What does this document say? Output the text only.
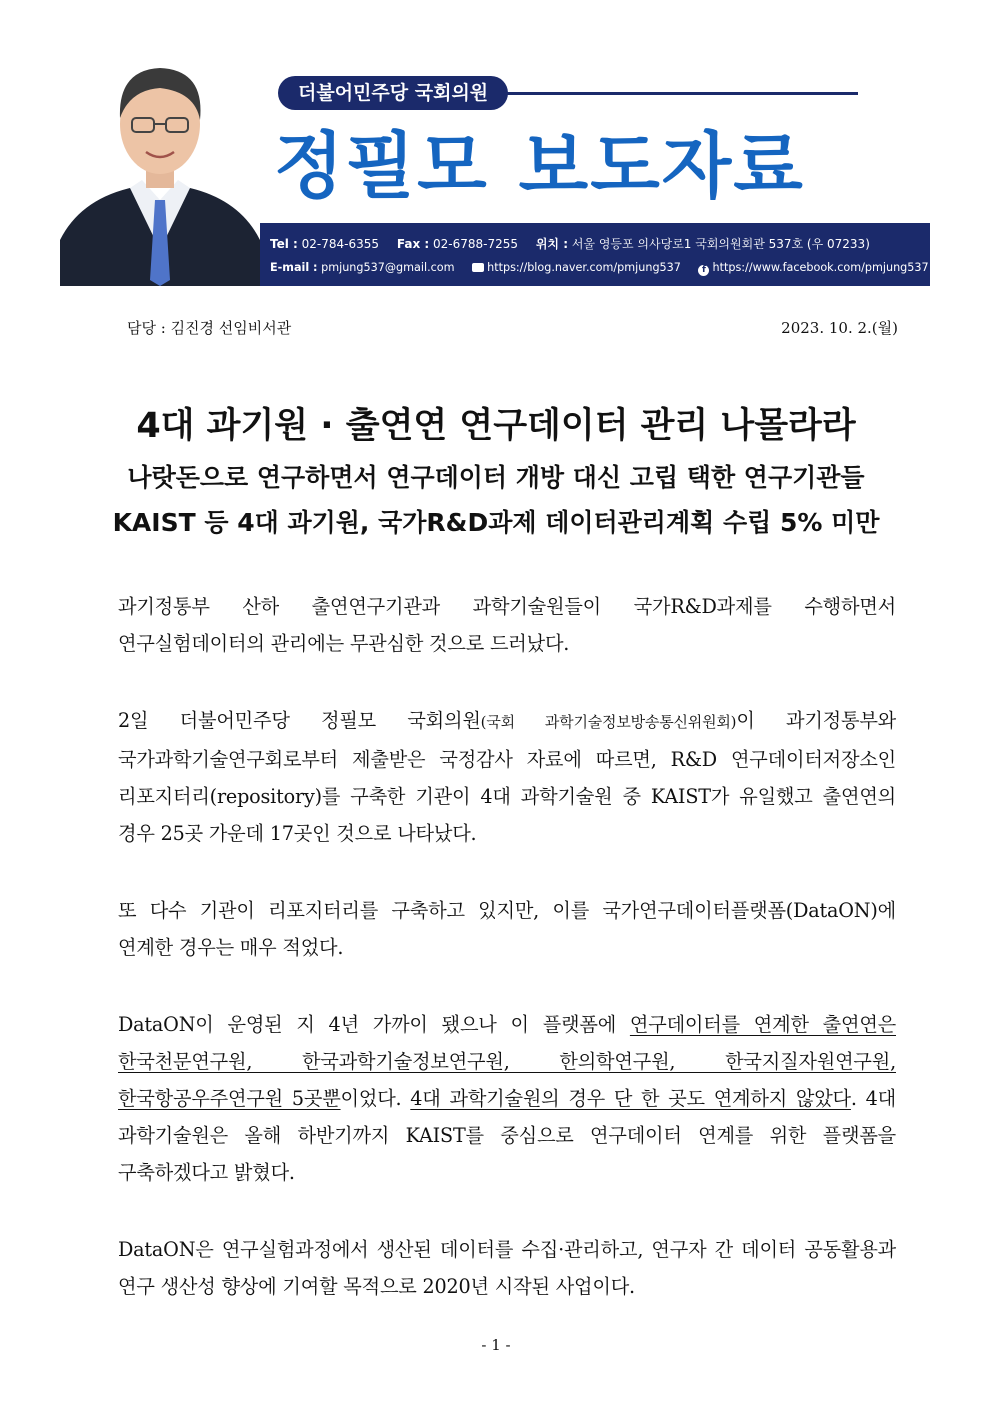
더불어민주당 국회의원
정필모 보도자료
Tel : 02-784-6355 Fax : 02-6788-7255 위치 : 서울 영등포 의사당로1 국회의원회관 537호 (우 07233)
E-mail : pmjung537@gmail.com	https://blog.naver.com/pmjung537 f https://www.facebook.com/pmjung537
담당 : 김진경 선임비서관	2023. 10. 2.(월)
4대 과기원 · 출연연 연구데이터 관리 나몰라라
나랏돈으로 연구하면서 연구데이터 개방 대신 고립 택한 연구기관들
KAIST 등 4대 과기원, 국가R&D과제 데이터관리계획 수립 5% 미만

과기정통부 산하 출연연구기관과 과학기술원들이 국가R&D과제를 수행하면서 연구실험데이터의 관리에는 무관심한 것으로 드러났다.

2일 더불어민주당 정필모 국회의원(국회 과학기술정보방송통신위원회)이 과기정통부와 국가과학기술연구회로부터 제출받은 국정감사 자료에 따르면, R&D 연구데이터저장소인 리포지터리(repository)를 구축한 기관이 4대 과학기술원 중 KAIST가 유일했고 출연연의 경우 25곳 가운데 17곳인 것으로 나타났다.

또 다수 기관이 리포지터리를 구축하고 있지만, 이를 국가연구데이터플랫폼(DataON)에 연계한 경우는 매우 적었다.

DataON이 운영된 지 4년 가까이 됐으나 이 플랫폼에 연구데이터를 연계한 출연연은 한국천문연구원, 한국과학기술정보연구원, 한의학연구원, 한국지질자원연구원, 한국항공우주연구원 5곳뿐이었다. 4대 과학기술원의 경우 단 한 곳도 연계하지 않았다. 4대 과학기술원은 올해 하반기까지 KAIST를 중심으로 연구데이터 연계를 위한 플랫폼을 구축하겠다고 밝혔다.

DataON은 연구실험과정에서 생산된 데이터를 수집·관리하고, 연구자 간 데이터 공동활용과 연구 생산성 향상에 기여할 목적으로 2020년 시작된 사업이다.

- 1 -
